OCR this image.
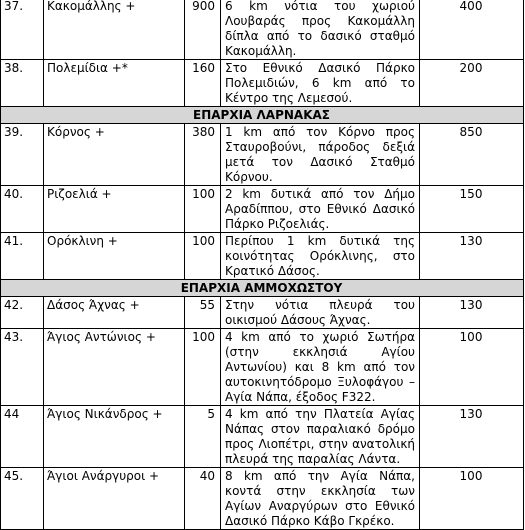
37.	Κακομάλλης +	900	6 km νότια του χωριού Λουβαράς προς Κακομάλλη δίπλα από το δασικό σταθμό Κακομάλλη.	400
38.	Πολεμίδια +*	160	Στο Εθνικό Δασικό Πάρκο Πολεμιδιών, 6 km από το Κέντρο της Λεμεσού.	200
ΕΠΑΡΧΙΑ ΛΑΡΝΑΚΑΣ				
39.	Κόρνος +	380	1 km από τον Κόρνο προς Σταυροβούνι, πάροδος δεξιά μετά τον Δασικό Σταθμό Κόρνου.	850
40.	Ριζοελιά +	100	2 km δυτικά από τον Δήμο Αραδίππου, στο Εθνικό Δασικό Πάρκο Ριζοελιάς.	150
41.	Ορόκλινη +	100	Περίπου 1 km δυτικά της κοινότητας Ορόκλινης, στο Κρατικό Δάσος.	130
ΕΠΑΡΧΙΑ ΑΜΜΟΧΩΣΤΟΥ				
42.	Δάσος Άχνας +	55	Στην νότια πλευρά του οικισμού Δάσους Άχνας.	130
43.	Άγιος Αντώνιος +	100	4 km από το χωριό Σωτήρα (στην εκκλησιά Αγίου Αντωνίου) και 8 km από τον αυτοκινητόδρομο Ξυλοφάγου – Αγία Νάπα, έξοδος F322.	100
44	Άγιος Νικάνδρος +	5	4 km από την Πλατεία Αγίας Νάπας στον παραλιακό δρόμο προς Λιοπέτρι, στην ανατολική πλευρά της παραλίας Λάντα.	130
45.	Άγιοι Ανάργυροι +	40	8 km από την Αγία Νάπα, κοντά στην εκκλησία των Αγίων Αναργύρων στο Εθνικό Δασικό Πάρκο Κάβο Γκρέκο.	100
